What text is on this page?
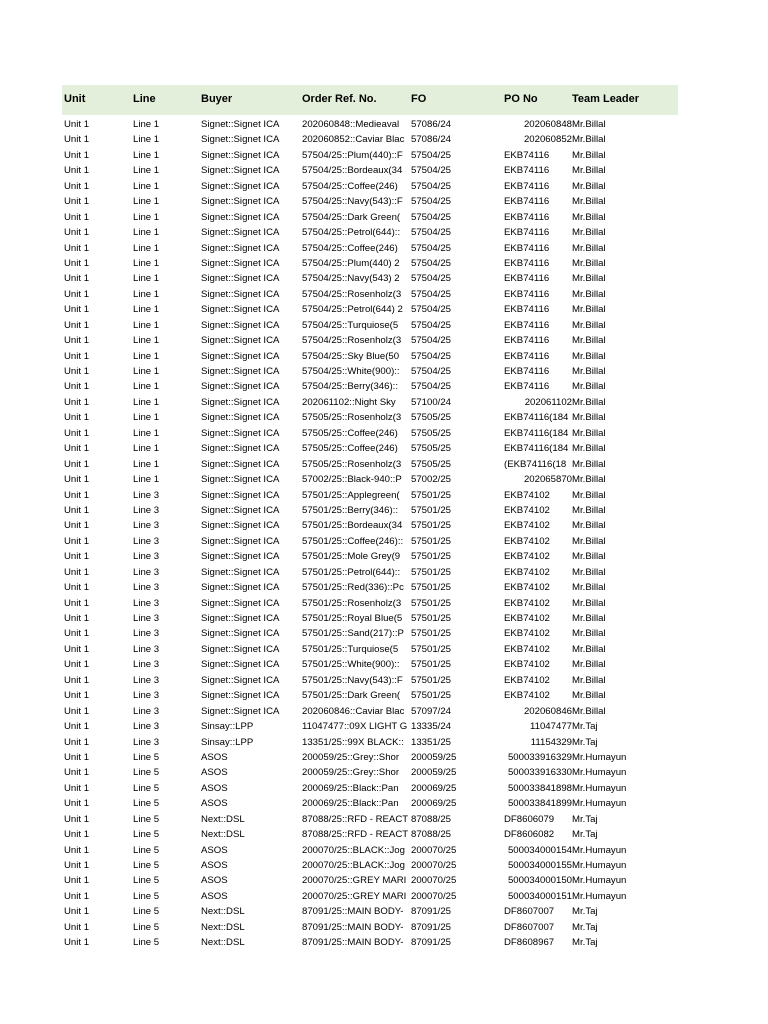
Unit	Line	Buyer	Order Ref. No.	FO	PO No	Team Leader
Unit 1	Line 1	Signet::Signet ICA	202060848::Medieaval	57086/24	202060848 Mr.Billal
Unit 1	Line 1	Signet::Signet ICA	202060852::Caviar Blac 57086/24	202060852 Mr.Billal
Unit 1	Line 1	Signet::Signet ICA	57504/25::Plum(440)::F 57504/25	EKB74116	Mr.Billal
Unit 1	Line 1	Signet::Signet ICA	57504/25::Bordeaux(34 57504/25	EKB74116	Mr.Billal
Unit 1	Line 1	Signet::Signet ICA	57504/25::Coffee(246)	57504/25	EKB74116	Mr.Billal
Unit 1	Line 1	Signet::Signet ICA	57504/25::Navy(543)::F 57504/25	EKB74116	Mr.Billal
Unit 1	Line 1	Signet::Signet ICA	57504/25::Dark Green(	57504/25	EKB74116	Mr.Billal
Unit 1	Line 1	Signet::Signet ICA	57504/25::Petrol(644)::	57504/25	EKB74116	Mr.Billal
Unit 1	Line 1	Signet::Signet ICA	57504/25::Coffee(246)	57504/25	EKB74116	Mr.Billal
Unit 1	Line 1	Signet::Signet ICA	57504/25::Plum(440) 2	57504/25	EKB74116	Mr.Billal
Unit 1	Line 1	Signet::Signet ICA	57504/25::Navy(543) 2	57504/25	EKB74116	Mr.Billal
Unit 1	Line 1	Signet::Signet ICA	57504/25::Rosenholz(3	57504/25	EKB74116	Mr.Billal
Unit 1	Line 1	Signet::Signet ICA	57504/25::Petrol(644) 2 57504/25	EKB74116	Mr.Billal
Unit 1	Line 1	Signet::Signet ICA	57504/25::Turquiose(5	57504/25	EKB74116	Mr.Billal
Unit 1	Line 1	Signet::Signet ICA	57504/25::Rosenholz(3	57504/25	EKB74116	Mr.Billal
Unit 1	Line 1	Signet::Signet ICA	57504/25::Sky Blue(50	57504/25	EKB74116	Mr.Billal
Unit 1	Line 1	Signet::Signet ICA	57504/25::White(900)::	57504/25	EKB74116	Mr.Billal
Unit 1	Line 1	Signet::Signet ICA	57504/25::Berry(346)::	57504/25	EKB74116	Mr.Billal
Unit 1	Line 1	Signet::Signet ICA	202061102::Night Sky	57100/24	202061102 Mr.Billal
Unit 1	Line 1	Signet::Signet ICA	57505/25::Rosenholz(3	57505/25	EKB74116(184 Mr.Billal
Unit 1	Line 1	Signet::Signet ICA	57505/25::Coffee(246)	57505/25	EKB74116(184 Mr.Billal
Unit 1	Line 1	Signet::Signet ICA	57505/25::Coffee(246)	57505/25	EKB74116(184 Mr.Billal
Unit 1	Line 1	Signet::Signet ICA	57505/25::Rosenholz(3	57505/25	(EKB74116(18 Mr.Billal
Unit 1	Line 1	Signet::Signet ICA	57002/25::Black-940::P 57002/25	202065870 Mr.Billal
Unit 1	Line 3	Signet::Signet ICA	57501/25::Applegreen(	57501/25	EKB74102	Mr.Billal
Unit 1	Line 3	Signet::Signet ICA	57501/25::Berry(346)::	57501/25	EKB74102	Mr.Billal
Unit 1	Line 3	Signet::Signet ICA	57501/25::Bordeaux(34 57501/25	EKB74102	Mr.Billal
Unit 1	Line 3	Signet::Signet ICA	57501/25::Coffee(246):: 57501/25	EKB74102	Mr.Billal
Unit 1	Line 3	Signet::Signet ICA	57501/25::Mole Grey(9	57501/25	EKB74102	Mr.Billal
Unit 1	Line 3	Signet::Signet ICA	57501/25::Petrol(644)::	57501/25	EKB74102	Mr.Billal
Unit 1	Line 3	Signet::Signet ICA	57501/25::Red(336)::Pc 57501/25	EKB74102	Mr.Billal
Unit 1	Line 3	Signet::Signet ICA	57501/25::Rosenholz(3	57501/25	EKB74102	Mr.Billal
Unit 1	Line 3	Signet::Signet ICA	57501/25::Royal Blue(5 57501/25	EKB74102	Mr.Billal
Unit 1	Line 3	Signet::Signet ICA	57501/25::Sand(217)::P 57501/25	EKB74102	Mr.Billal
Unit 1	Line 3	Signet::Signet ICA	57501/25::Turquiose(5	57501/25	EKB74102	Mr.Billal
Unit 1	Line 3	Signet::Signet ICA	57501/25::White(900)::	57501/25	EKB74102	Mr.Billal
Unit 1	Line 3	Signet::Signet ICA	57501/25::Navy(543)::F 57501/25	EKB74102	Mr.Billal
Unit 1	Line 3	Signet::Signet ICA	57501/25::Dark Green(	57501/25	EKB74102	Mr.Billal
Unit 1	Line 3	Signet::Signet ICA	202060846::Caviar Blac 57097/24	202060846 Mr.Billal
Unit 1	Line 3	Sinsay::LPP	11047477::09X LIGHT G 13335/24	11047477 Mr.Taj
Unit 1	Line 3	Sinsay::LPP	13351/25::99X BLACK:: 13351/25	11154329 Mr.Taj
Unit 1	Line 5	ASOS	200059/25::Grey::Shor	200059/25	500033916329 Mr.Humayun
Unit 1	Line 5	ASOS	200059/25::Grey::Shor	200059/25	500033916330 Mr.Humayun
Unit 1	Line 5	ASOS	200069/25::Black::Pan	200069/25	500033841898 Mr.Humayun
Unit 1	Line 5	ASOS	200069/25::Black::Pan	200069/25	500033841899 Mr.Humayun
Unit 1	Line 5	Next::DSL	87088/25::RFD - REACT 87088/25	DF8606079	Mr.Taj
Unit 1	Line 5	Next::DSL	87088/25::RFD - REACT 87088/25	DF8606082	Mr.Taj
Unit 1	Line 5	ASOS	200070/25::BLACK::Jog 200070/25	500034000154 Mr.Humayun
Unit 1	Line 5	ASOS	200070/25::BLACK::Jog 200070/25	500034000155 Mr.Humayun
Unit 1	Line 5	ASOS	200070/25::GREY MARI 200070/25	500034000150 Mr.Humayun
Unit 1	Line 5	ASOS	200070/25::GREY MARI 200070/25	500034000151 Mr.Humayun
Unit 1	Line 5	Next::DSL	87091/25::MAIN BODY- 87091/25	DF8607007	Mr.Taj
Unit 1	Line 5	Next::DSL	87091/25::MAIN BODY- 87091/25	DF8607007	Mr.Taj
Unit 1	Line 5	Next::DSL	87091/25::MAIN BODY- 87091/25	DF8608967	Mr.Taj
